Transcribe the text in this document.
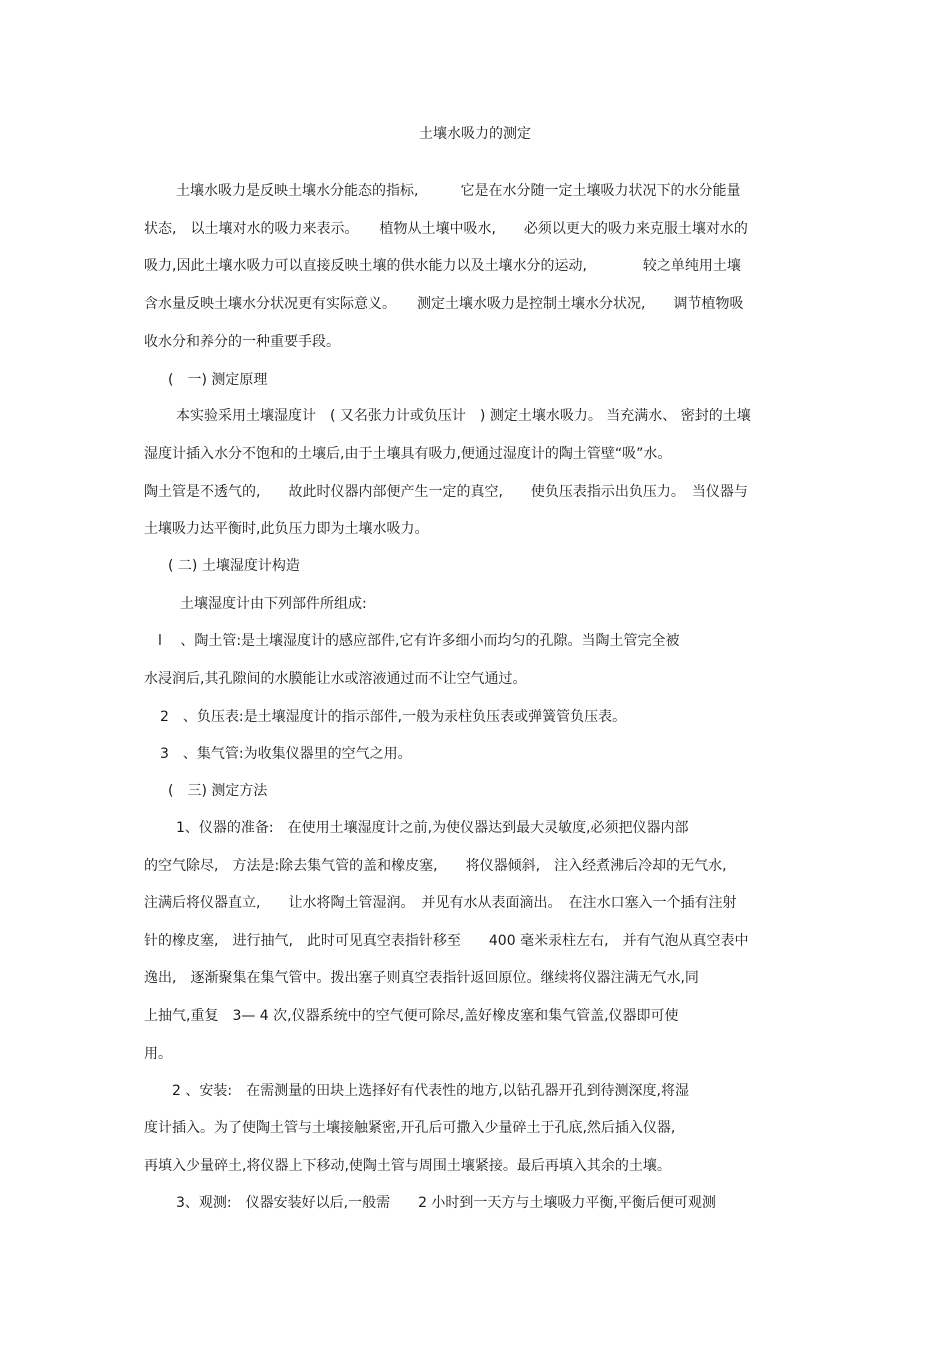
土壤水吸力的测定
土壤水吸力是反映土壤水分能态的指标,　　　它是在水分随一定土壤吸力状况下的水分能量
状态,　以土壤对水的吸力来表示。　　植物从土壤中吸水,　　必须以更大的吸力来克服土壤对水的
吸力,因此土壤水吸力可以直接反映土壤的供水能力以及土壤水分的运动,　　　　较之单纯用土壤
含水量反映土壤水分状况更有实际意义。　　测定土壤水吸力是控制土壤水分状况,　　调节植物吸
收水分和养分的一种重要手段。
(　一) 测定原理
本实验采用土壤湿度计　( 又名张力计或负压计　) 测定土壤水吸力。 当充满水、 密封的土壤
湿度计插入水分不饱和的土壤后,由于土壤具有吸力,便通过湿度计的陶土管壁“吸”水。
陶土管是不透气的,　　故此时仪器内部便产生一定的真空,　　使负压表指示出负压力。　当仪器与
土壤吸力达平衡时,此负压力即为土壤水吸力。
( 二) 土壤湿度计构造
土壤湿度计由下列部件所组成:
l　 、陶土管:是土壤湿度计的感应部件,它有许多细小而均匀的孔隙。当陶土管完全被
水浸润后,其孔隙间的水膜能让水或溶液通过而不让空气通过。
2　、负压表:是土壤湿度计的指示部件,一般为汞柱负压表或弹簧管负压表。
3　、集气管:为收集仪器里的空气之用。
(　三) 测定方法
1、仪器的准备:　在使用土壤湿度计之前,为使仪器达到最大灵敏度,必须把仪器内部
的空气除尽,　方法是:除去集气管的盖和橡皮塞,　　将仪器倾斜,　注入经煮沸后冷却的无气水,
注满后将仪器直立,　　让水将陶土管湿润。　并见有水从表面滴出。　在注水口塞入一个插有注射
针的橡皮塞,　进行抽气,　此时可见真空表指针移至　　400 毫米汞柱左右,　并有气泡从真空表中
逸出,　逐渐聚集在集气管中。拨出塞子则真空表指针返回原位。继续将仪器注满无气水,同
上抽气,重复　3— 4 次,仪器系统中的空气便可除尽,盖好橡皮塞和集气管盖,仪器即可使
用。
2 、安装:　在需测量的田块上选择好有代表性的地方,以钻孔器开孔到待测深度,将湿
度计插入。为了使陶土管与土壤接触紧密,开孔后可撒入少量碎土于孔底,然后插入仪器,
再填入少量碎土,将仪器上下移动,使陶土管与周围土壤紧接。最后再填入其余的土壤。
3、观测:　仪器安装好以后,一般需　　2 小时到一天方与土壤吸力平衡,平衡后便可观测
